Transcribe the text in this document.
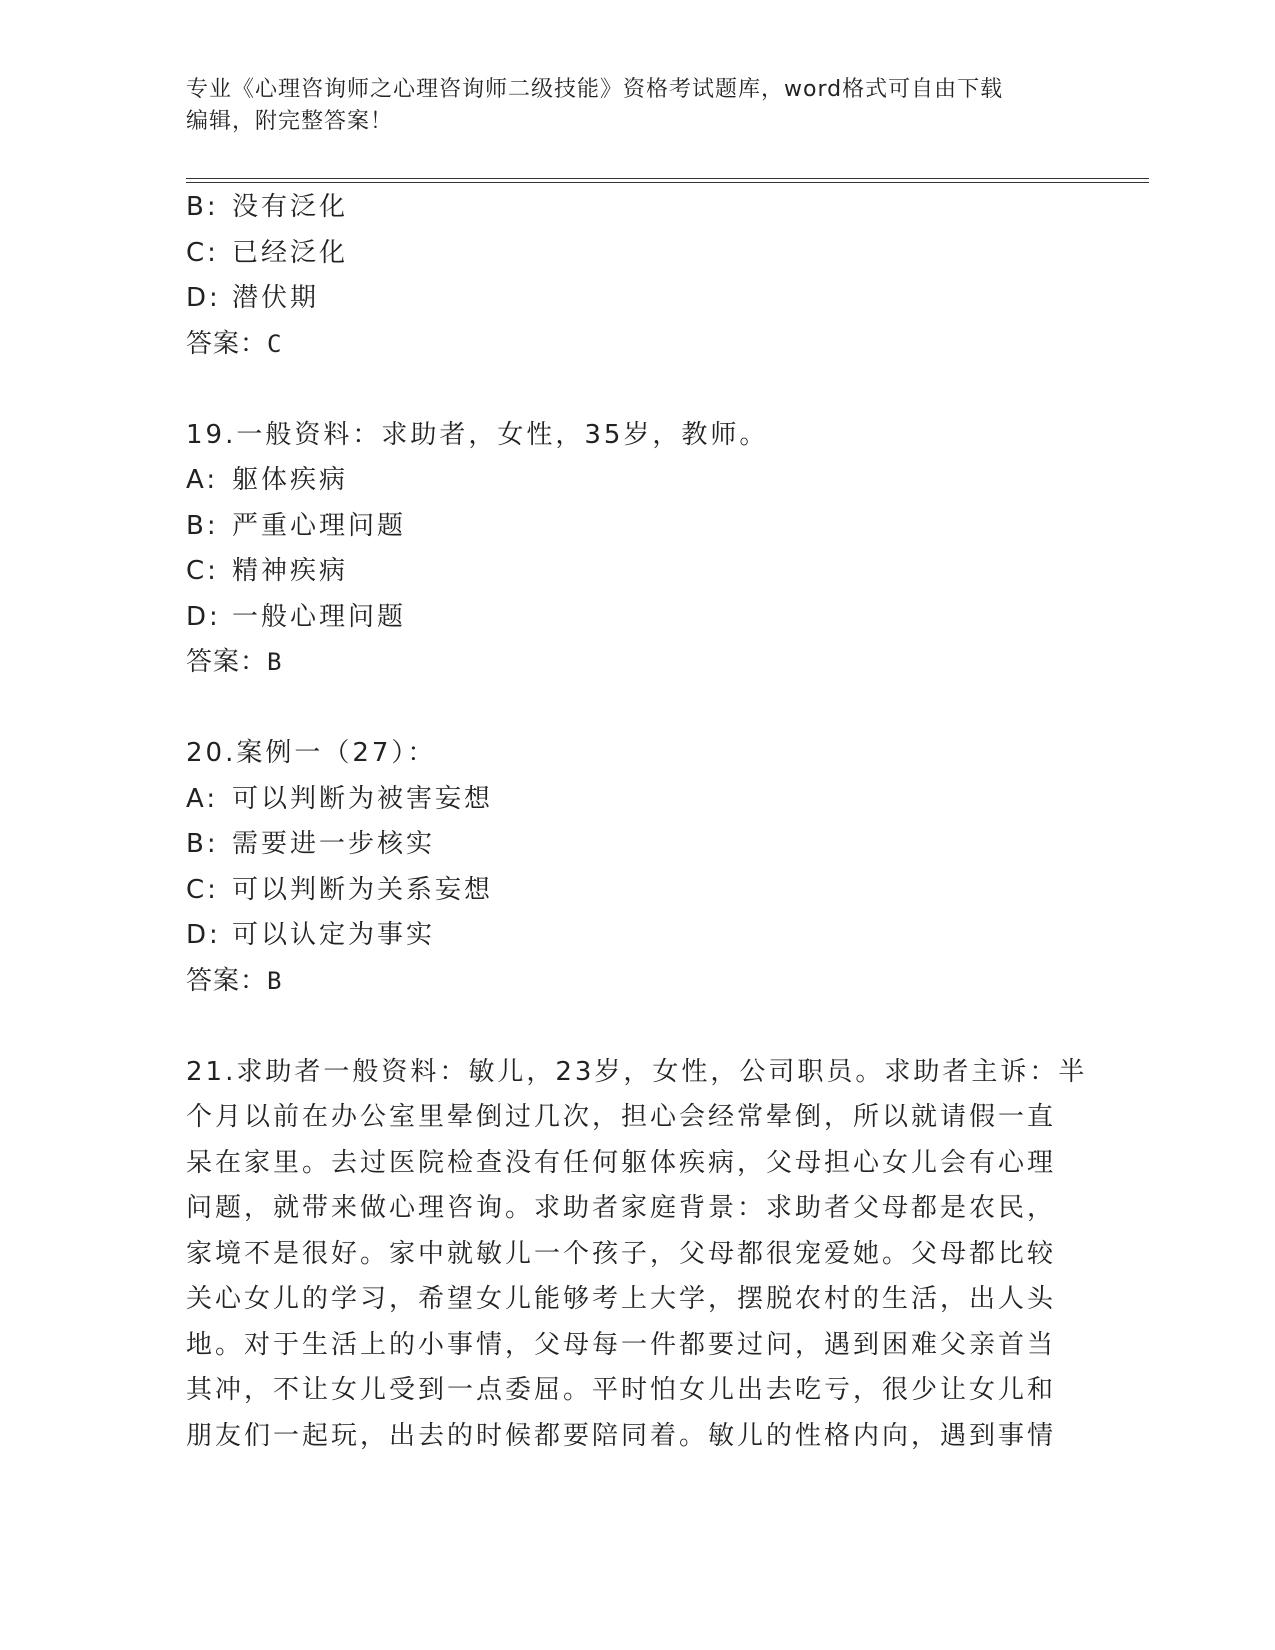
专业《心理咨询师之心理咨询师二级技能》资格考试题库，word格式可自由下载
编辑，附完整答案！
B: 没有泛化
C: 已经泛化
D: 潜伏期
答案：C
19.一般资料：求助者，女性，35岁，教师。
A: 躯体疾病
B: 严重心理问题
C: 精神疾病
D: 一般心理问题
答案：B
20.案例一（27）：
A: 可以判断为被害妄想
B: 需要进一步核实
C: 可以判断为关系妄想
D: 可以认定为事实
答案：B
21.求助者一般资料：敏儿，23岁，女性，公司职员。求助者主诉：半
个月以前在办公室里晕倒过几次，担心会经常晕倒，所以就请假一直
呆在家里。去过医院检查没有任何躯体疾病，父母担心女儿会有心理
问题，就带来做心理咨询。求助者家庭背景：求助者父母都是农民，
家境不是很好。家中就敏儿一个孩子，父母都很宠爱她。父母都比较
关心女儿的学习，希望女儿能够考上大学，摆脱农村的生活，出人头
地。对于生活上的小事情，父母每一件都要过问，遇到困难父亲首当
其冲，不让女儿受到一点委屈。平时怕女儿出去吃亏，很少让女儿和
朋友们一起玩，出去的时候都要陪同着。敏儿的性格内向，遇到事情
